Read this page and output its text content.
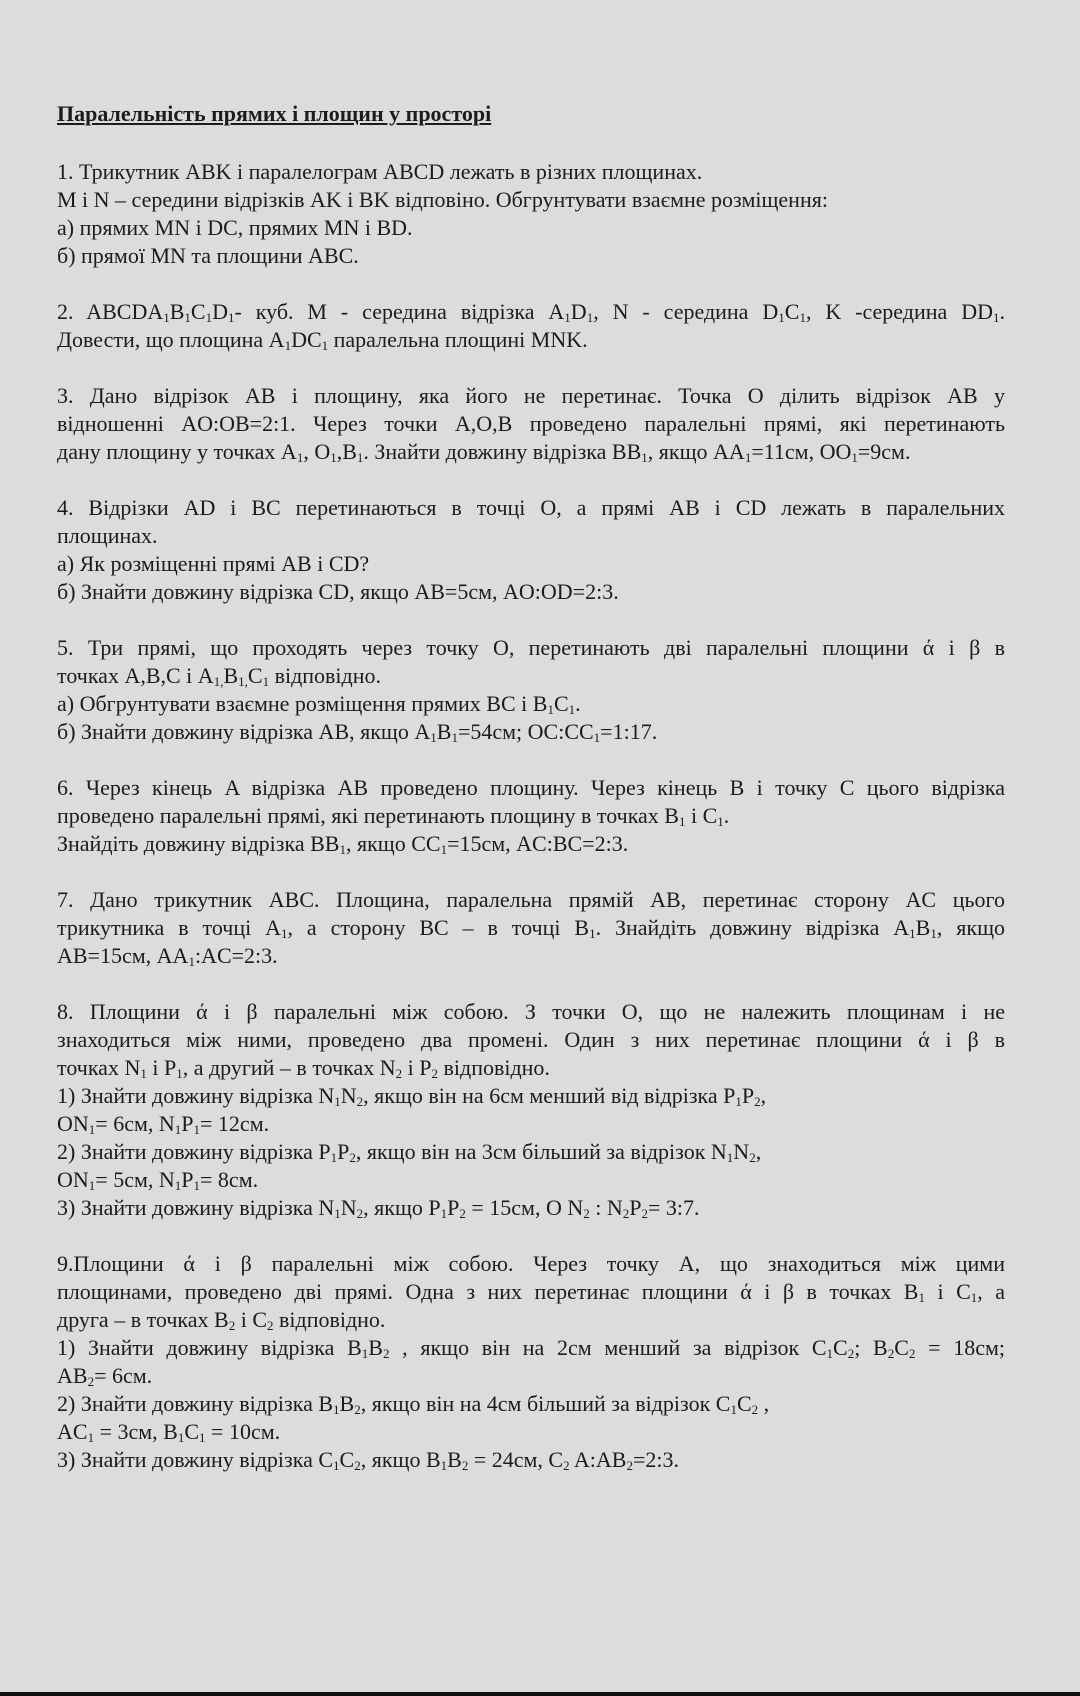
Паралельність прямих і площин у просторі
1. Трикутник ABK і паралелограм ABCD лежать в різних площинах.
M і N – середини відрізків AK і BK відповіно. Обгрунтувати взаємне розміщення:
а) прямих MN і DC, прямих MN і BD.
б) прямої MN та площини ABC.
2. $ABCDA_1B_1C_1D_1-$ куб. M - середина відрізка $A_1D_1$, N - середина $D_1C_1$, K -середина $DD_1$.
Довести, що площина $A_1DC_1$ паралельна площині MNK.
3. Дано відрізок AB і площину, яка його не перетинає. Точка O ділить відрізок AB у
відношенні AO:OB=2:1. Через точки A,O,B проведено паралельні прямі, які перетинають
дану площину у точках $A_1$, $O_1,B_1$. Знайти довжину відрізка $BB_1$, якщо $AA_1=11см$, $OO_1=9см$.
4. Відрізки AD і BC перетинаються в точці O, а прямі AB і CD лежать в паралельних
площинах.
а) Як розміщенні прямі AB і CD?
б) Знайти довжину відрізка CD, якщо AB=5см, AO:OD=2:3.
5. Три прямі, що проходять через точку O, перетинають дві паралельні площини ά і β в
точках A,B,C і $A_{1,}B_{1,}C_1$ відповідно.
а) Обгрунтувати взаємне розміщення прямих BC і $B_1C_1$.
б) Знайти довжину відрізка AB, якщо $A_1B_1=54см$; $OC:CC_1=1:17$.
6. Через кінець A відрізка AB проведено площину. Через кінець B і точку C цього відрізка
проведено паралельні прямі, які перетинають площину в точках $B_1$ і $C_1$.
Знайдіть довжину відрізка $BB_1$, якщо $CC_1=15см$, AC:BC=2:3.
7. Дано трикутник ABC. Площина, паралельна прямій AB, перетинає сторону AC цього
трикутника в точці $A_1$, а сторону BC – в точці $B_1$. Знайдіть довжину відрізка $A_1B_1$, якщо
AB=15см, $AA_1:AC=2:3$.
8. Площини ά і β паралельні між собою. З точки O, що не належить площинам і не
знаходиться між ними, проведено два промені. Один з них перетинає площини ά і β в
точках $N_1$ і $P_1$, а другий – в точках $N_2$ і $P_2$ відповідно.
1) Знайти довжину відрізка $N_1N_2$, якщо він на 6см менший від відрізка $P_1P_2$,
$ON_1= 6см$, $N_1P_1= 12см$.
2) Знайти довжину відрізка $P_1P_2$, якщо він на 3см більший за відрізок $N_1N_2$,
$ON_1= 5см$, $N_1P_1= 8см$.
3) Знайти довжину відрізка $N_1N_2$, якщо $P_1P_2 = 15см$, O $N_2$ : $N_2P_2=$ 3:7.
9.Площини ά і β паралельні між собою. Через точку A, що знаходиться між цими
площинами, проведено дві прямі. Одна з них перетинає площини ά і β в точках $B_1$ і $C_1$, а
друга – в точках $B_2$ і $C_2$ відповідно.
1) Знайти довжину відрізка $B_1B_2$ , якщо він на 2см менший за відрізок $C_1C_2$; $B_2C_2 = 18см$;
$AB_2= 6см$.
2) Знайти довжину відрізка $B_1B_2$, якщо він на 4см більший за відрізок $C_1C_2$ ,
$AC_1 = 3см$, $B_1C_1 = 10см$.
3) Знайти довжину відрізка $C_1C_2$, якщо $B_1B_2 = 24см$, $C_2$ $A:AB_2=2:3$.
